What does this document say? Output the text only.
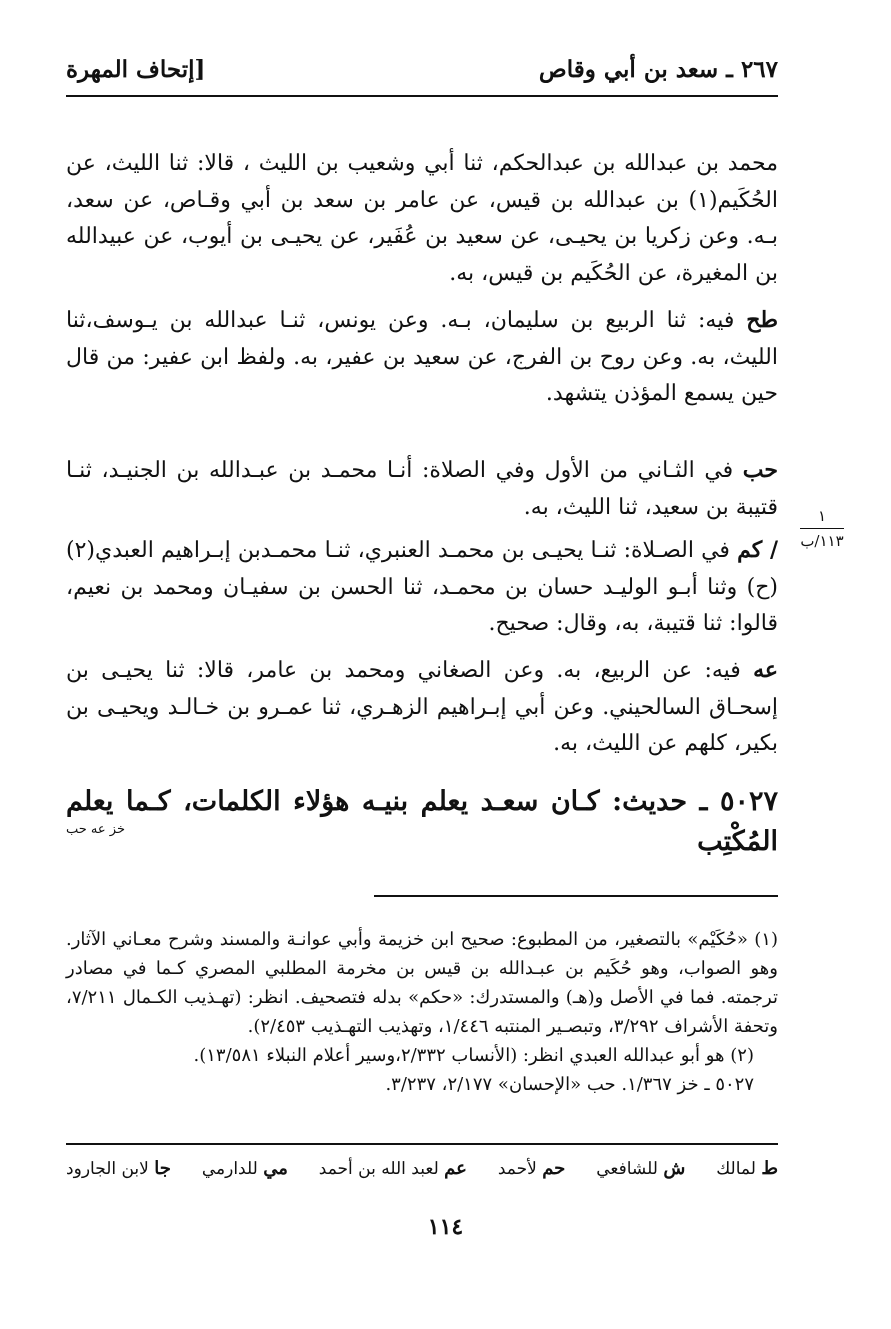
٢٦٧ ـ سعد بن أبي وقاص
[إتحاف المهرة
محمد بن عبدالله بن عبدالحكم، ثنا أبي وشعيب بن الليث ، قالا: ثنا الليث، عن الحُكَيم(١) بن عبدالله بن قيس، عن عامر بن سعد بن أبي وقـاص، عن سعد، بـه. وعن زكريا بن يحيـى، عن سعيد بن عُفَير، عن يحيـى بن أيوب، عن عبيدالله بن المغيرة، عن الحُكَيم بن قيس، به.
طح فيه: ثنا الربيع بن سليمان، بـه. وعن يونس، ثنـا عبدالله بن يـوسف،ثنا الليث، به. وعن روح بن الفرج، عن سعيد بن عفير، به. ولفظ ابن عفير: من قال حين يسمع المؤذن يتشهد.
حب في الثـاني من الأول وفي الصلاة: أنـا محمـد بن عبـدالله بن الجنيـد، ثنـا قتيبة بن سعيد، ثنا الليث، به.
/ كم في الصـلاة: ثنـا يحيـى بن محمـد العنبري، ثنـا محمـدبن إبـراهيم العبدي(٢) (ح) وثنا أبـو الوليـد حسان بن محمـد، ثنا الحسن بن سفيـان ومحمد بن نعيم، قالوا: ثنا قتيبة، به، وقال: صحيح.
عه فيه: عن الربيع، به. وعن الصغاني ومحمد بن عامر، قالا: ثنا يحيـى بن إسحـاق السالحيني. وعن أبي إبـراهيم الزهـري، ثنا عمـرو بن خـالـد ويحيـى بن بكير، كلهم عن الليث، به.
١
١١٣/ب
٥٠٢٧ ـ حديث: كـان سعـد يعلم بنيـه هؤلاء الكلمات، كـما يعلم المُكْتِب
خز عه حب

(١) «حُكَيْم» بالتصغير، من المطبوع: صحيح ابن خزيمة وأبي عوانـة والمسند وشرح معـاني الآثار. وهو الصواب، وهو حُكَيم بن عبـدالله بن قيس بن مخرمة المطلبي المصري كـما في مصادر ترجمته. فما في الأصل و(هـ) والمستدرك: «حكم» بدله فتصحيف. انظر: (تهـذيب الكـمال ٧/٢١١، وتحفة الأشراف ٣/٢٩٢، وتبصـير المنتبه ١/٤٤٦، وتهذيب التهـذيب ٢/٤٥٣).

(٢) هو أبو عبدالله العبدي انظر: (الأنساب ٢/٣٣٢،وسير أعلام النبلاء ١٣/٥٨١).

٥٠٢٧ ـ خز ١/٣٦٧. حب «الإحسان» ٢/١٧٧، ٣/٢٣٧.

ط لمالك
ش للشافعي
حم لأحمد
عم لعبد الله بن أحمد
مي للدارمي
جا لابن الجارود
١١٤
